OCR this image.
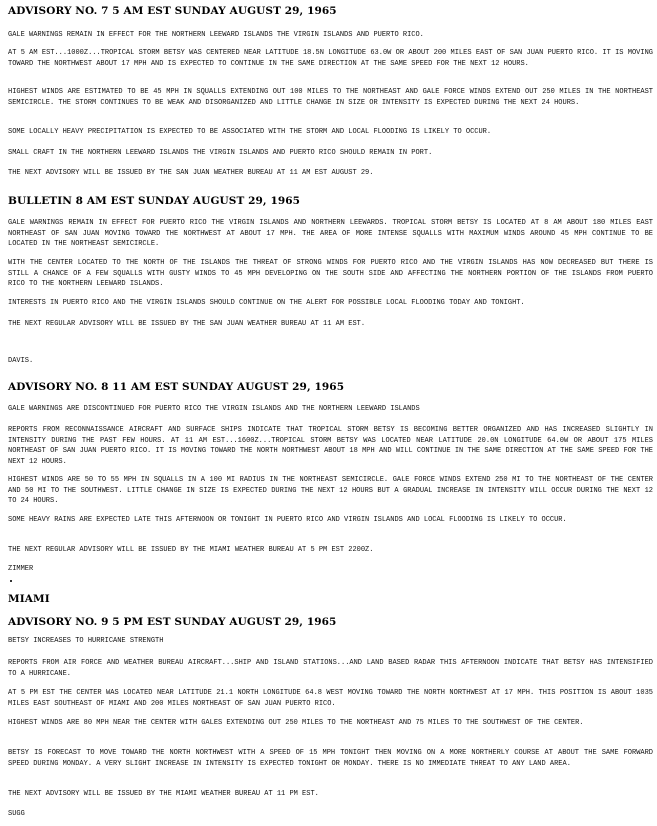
ADVISORY NO. 7 5 AM EST SUNDAY AUGUST 29, 1965

GALE WARNINGS REMAIN IN EFFECT FOR THE NORTHERN LEEWARD ISLANDS THE VIRGIN ISLANDS AND PUERTO RICO.

AT 5 AM EST...1000Z...TROPICAL STORM BETSY WAS CENTERED NEAR LATITUDE 18.5N LONGITUDE 63.0W OR ABOUT 200 MILES EAST OF SAN JUAN PUERTO RICO. IT IS MOVING TOWARD THE NORTHWEST ABOUT 17 MPH AND IS EXPECTED TO CONTINUE IN THE SAME DIRECTION AT THE SAME SPEED FOR THE NEXT 12 HOURS.

HIGHEST WINDS ARE ESTIMATED TO BE 45 MPH IN SQUALLS EXTENDING OUT 100 MILES TO THE NORTHEAST AND GALE FORCE WINDS EXTEND OUT 250 MILES IN THE NORTHEAST SEMICIRCLE. THE STORM CONTINUES TO BE WEAK AND DISORGANIZED AND LITTLE CHANGE IN SIZE OR INTENSITY IS EXPECTED DURING THE NEXT 24 HOURS.

SOME LOCALLY HEAVY PRECIPITATION IS EXPECTED TO BE ASSOCIATED WITH THE STORM AND LOCAL FLOODING IS LIKELY TO OCCUR.

SMALL CRAFT IN THE NORTHERN LEEWARD ISLANDS THE VIRGIN ISLANDS AND PUERTO RICO SHOULD REMAIN IN PORT.

THE NEXT ADVISORY WILL BE ISSUED BY THE SAN JUAN WEATHER BUREAU AT 11 AM EST AUGUST 29.

BULLETIN 8 AM EST SUNDAY AUGUST 29, 1965

GALE WARNINGS REMAIN IN EFFECT FOR PUERTO RICO THE VIRGIN ISLANDS AND NORTHERN LEEWARDS. TROPICAL STORM BETSY IS LOCATED AT 8 AM ABOUT 180 MILES EAST NORTHEAST OF SAN JUAN MOVING TOWARD THE NORTHWEST AT ABOUT 17 MPH. THE AREA OF MORE INTENSE SQUALLS WITH MAXIMUM WINDS AROUND 45 MPH CONTINUE TO BE LOCATED IN THE NORTHEAST SEMICIRCLE.

WITH THE CENTER LOCATED TO THE NORTH OF THE ISLANDS THE THREAT OF STRONG WINDS FOR PUERTO RICO AND THE VIRGIN ISLANDS HAS NOW DECREASED BUT THERE IS STILL A CHANCE OF A FEW SQUALLS WITH GUSTY WINDS TO 45 MPH DEVELOPING ON THE SOUTH SIDE AND AFFECTING THE NORTHERN PORTION OF THE ISLANDS FROM PUERTO RICO TO THE NORTHERN LEEWARD ISLANDS.

INTERESTS IN PUERTO RICO AND THE VIRGIN ISLANDS SHOULD CONTINUE ON THE ALERT FOR POSSIBLE LOCAL FLOODING TODAY AND TONIGHT.

THE NEXT REGULAR ADVISORY WILL BE ISSUED BY THE SAN JUAN WEATHER BUREAU AT 11 AM EST.

DAVIS.
ADVISORY NO. 8 11 AM EST SUNDAY AUGUST 29, 1965

GALE WARNINGS ARE DISCONTINUED FOR PUERTO RICO THE VIRGIN ISLANDS AND THE NORTHERN LEEWARD ISLANDS

REPORTS FROM RECONNAISSANCE AIRCRAFT AND SURFACE SHIPS INDICATE THAT TROPICAL STORM BETSY IS BECOMING BETTER ORGANIZED AND HAS INCREASED SLIGHTLY IN INTENSITY DURING THE PAST FEW HOURS. AT 11 AM EST...1600Z...TROPICAL STORM BETSY WAS LOCATED NEAR LATITUDE 20.0N LONGITUDE 64.0W OR ABOUT 175 MILES NORTHEAST OF SAN JUAN PUERTO RICO. IT IS MOVING TOWARD THE NORTH NORTHWEST ABOUT 18 MPH AND WILL CONTINUE IN THE SAME DIRECTION AT THE SAME SPEED FOR THE NEXT 12 HOURS.

HIGHEST WINDS ARE 50 TO 55 MPH IN SQUALLS IN A 100 MI RADIUS IN THE NORTHEAST SEMICIRCLE. GALE FORCE WINDS EXTEND 250 MI TO THE NORTHEAST OF THE CENTER AND 50 MI TO THE SOUTHWEST. LITTLE CHANGE IN SIZE IS EXPECTED DURING THE NEXT 12 HOURS BUT A GRADUAL INCREASE IN INTENSITY WILL OCCUR DURING THE NEXT 12 TO 24 HOURS.

SOME HEAVY RAINS ARE EXPECTED LATE THIS AFTERNOON OR TONIGHT IN PUERTO RICO AND VIRGIN ISLANDS AND LOCAL FLOODING IS LIKELY TO OCCUR.

THE NEXT REGULAR ADVISORY WILL BE ISSUED BY THE MIAMI WEATHER BUREAU AT 5 PM EST 2200Z.

ZIMMER
MIAMI
ADVISORY NO. 9 5 PM EST SUNDAY AUGUST 29, 1965

BETSY INCREASES TO HURRICANE STRENGTH

REPORTS FROM AIR FORCE AND WEATHER BUREAU AIRCRAFT...SHIP AND ISLAND STATIONS...AND LAND BASED RADAR THIS AFTERNOON INDICATE THAT BETSY HAS INTENSIFIED TO A HURRICANE.

AT 5 PM EST THE CENTER WAS LOCATED NEAR LATITUDE 21.1 NORTH LONGITUDE 64.8 WEST MOVING TOWARD THE NORTH NORTHWEST AT 17 MPH. THIS POSITION IS ABOUT 1035 MILES EAST SOUTHEAST OF MIAMI AND 200 MILES NORTHEAST OF SAN JUAN PUERTO RICO.

HIGHEST WINDS ARE 80 MPH NEAR THE CENTER WITH GALES EXTENDING OUT 250 MILES TO THE NORTHEAST AND 75 MILES TO THE SOUTHWEST OF THE CENTER.

BETSY IS FORECAST TO MOVE TOWARD THE NORTH NORTHWEST WITH A SPEED OF 15 MPH TONIGHT THEN MOVING ON A MORE NORTHERLY COURSE AT ABOUT THE SAME FORWARD SPEED DURING MONDAY. A VERY SLIGHT INCREASE IN INTENSITY IS EXPECTED TONIGHT OR MONDAY. THERE IS NO IMMEDIATE THREAT TO ANY LAND AREA.

THE NEXT ADVISORY WILL BE ISSUED BY THE MIAMI WEATHER BUREAU AT 11 PM EST.

SUGG
